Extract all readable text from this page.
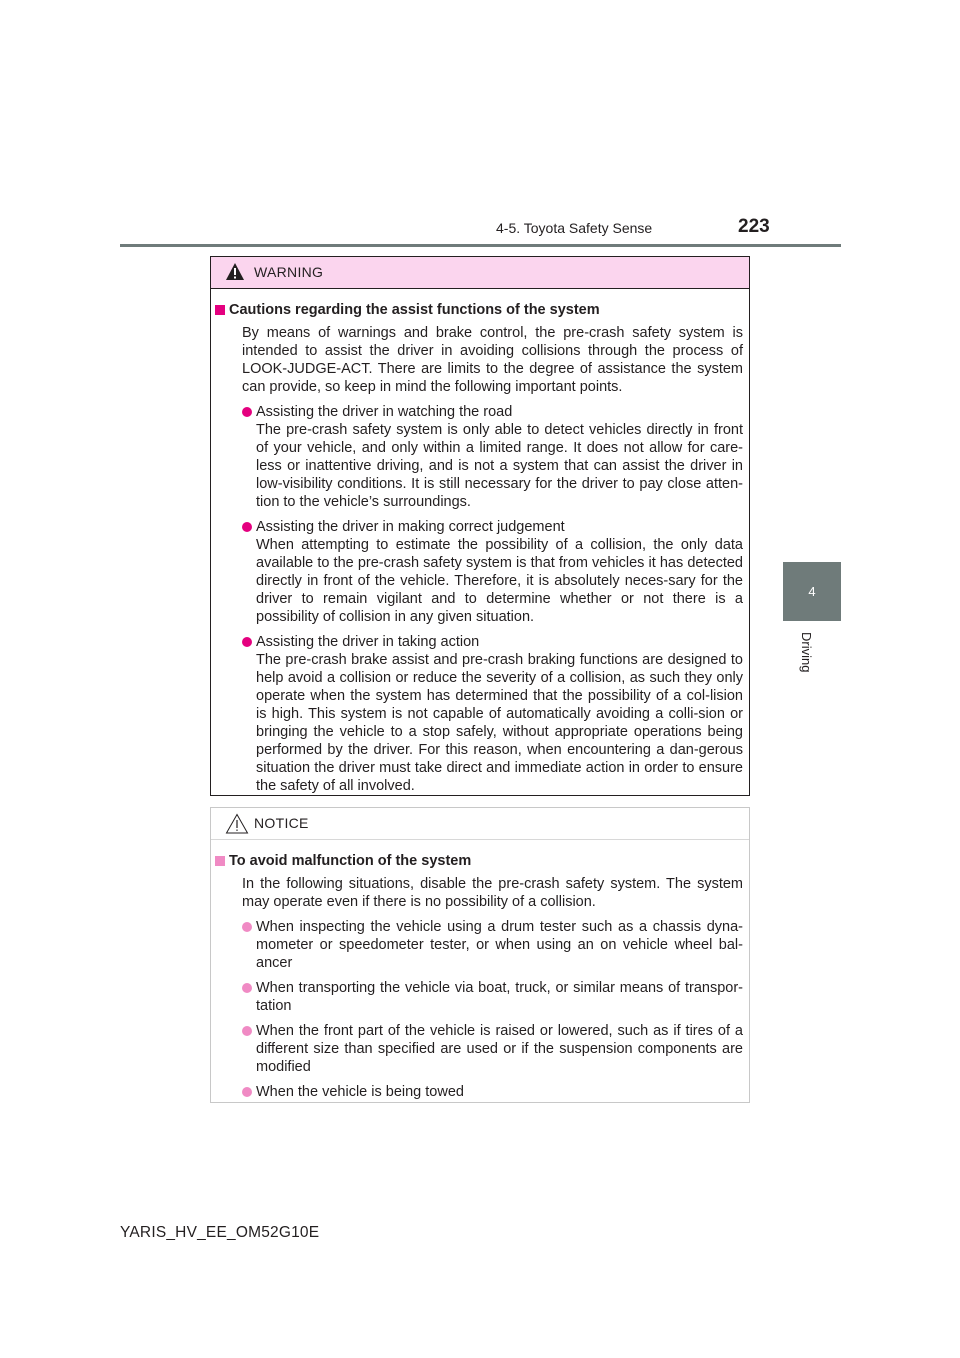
4-5. Toyota Safety Sense	223
4
Driving
WARNING
Cautions regarding the assist functions of the system
By means of warnings and brake control, the pre-crash safety system is intended to assist the driver in avoiding collisions through the process of LOOK-JUDGE-ACT. There are limits to the degree of assistance the system can provide, so keep in mind the following important points.
Assisting the driver in watching the road
The pre-crash safety system is only able to detect vehicles directly in front of your vehicle, and only within a limited range. It does not allow for care-less or inattentive driving, and is not a system that can assist the driver in low-visibility conditions. It is still necessary for the driver to pay close atten-tion to the vehicle’s surroundings.
Assisting the driver in making correct judgement
When attempting to estimate the possibility of a collision, the only data available to the pre-crash safety system is that from vehicles it has detected directly in front of the vehicle. Therefore, it is absolutely neces-sary for the driver to remain vigilant and to determine whether or not there is a possibility of collision in any given situation.
Assisting the driver in taking action
The pre-crash brake assist and pre-crash braking functions are designed to help avoid a collision or reduce the severity of a collision, as such they only operate when the system has determined that the possibility of a col-lision is high. This system is not capable of automatically avoiding a colli-sion or bringing the vehicle to a stop safely, without appropriate operations being performed by the driver. For this reason, when encountering a dan-gerous situation the driver must take direct and immediate action in order to ensure the safety of all involved.
NOTICE
To avoid malfunction of the system
In the following situations, disable the pre-crash safety system. The system may operate even if there is no possibility of a collision.
When inspecting the vehicle using a drum tester such as a chassis dyna-mometer or speedometer tester, or when using an on vehicle wheel bal-ancer
When transporting the vehicle via boat, truck, or similar means of transpor-tation
When the front part of the vehicle is raised or lowered, such as if tires of a different size than specified are used or if the suspension components are modified
When the vehicle is being towed
YARIS_HV_EE_OM52G10E
